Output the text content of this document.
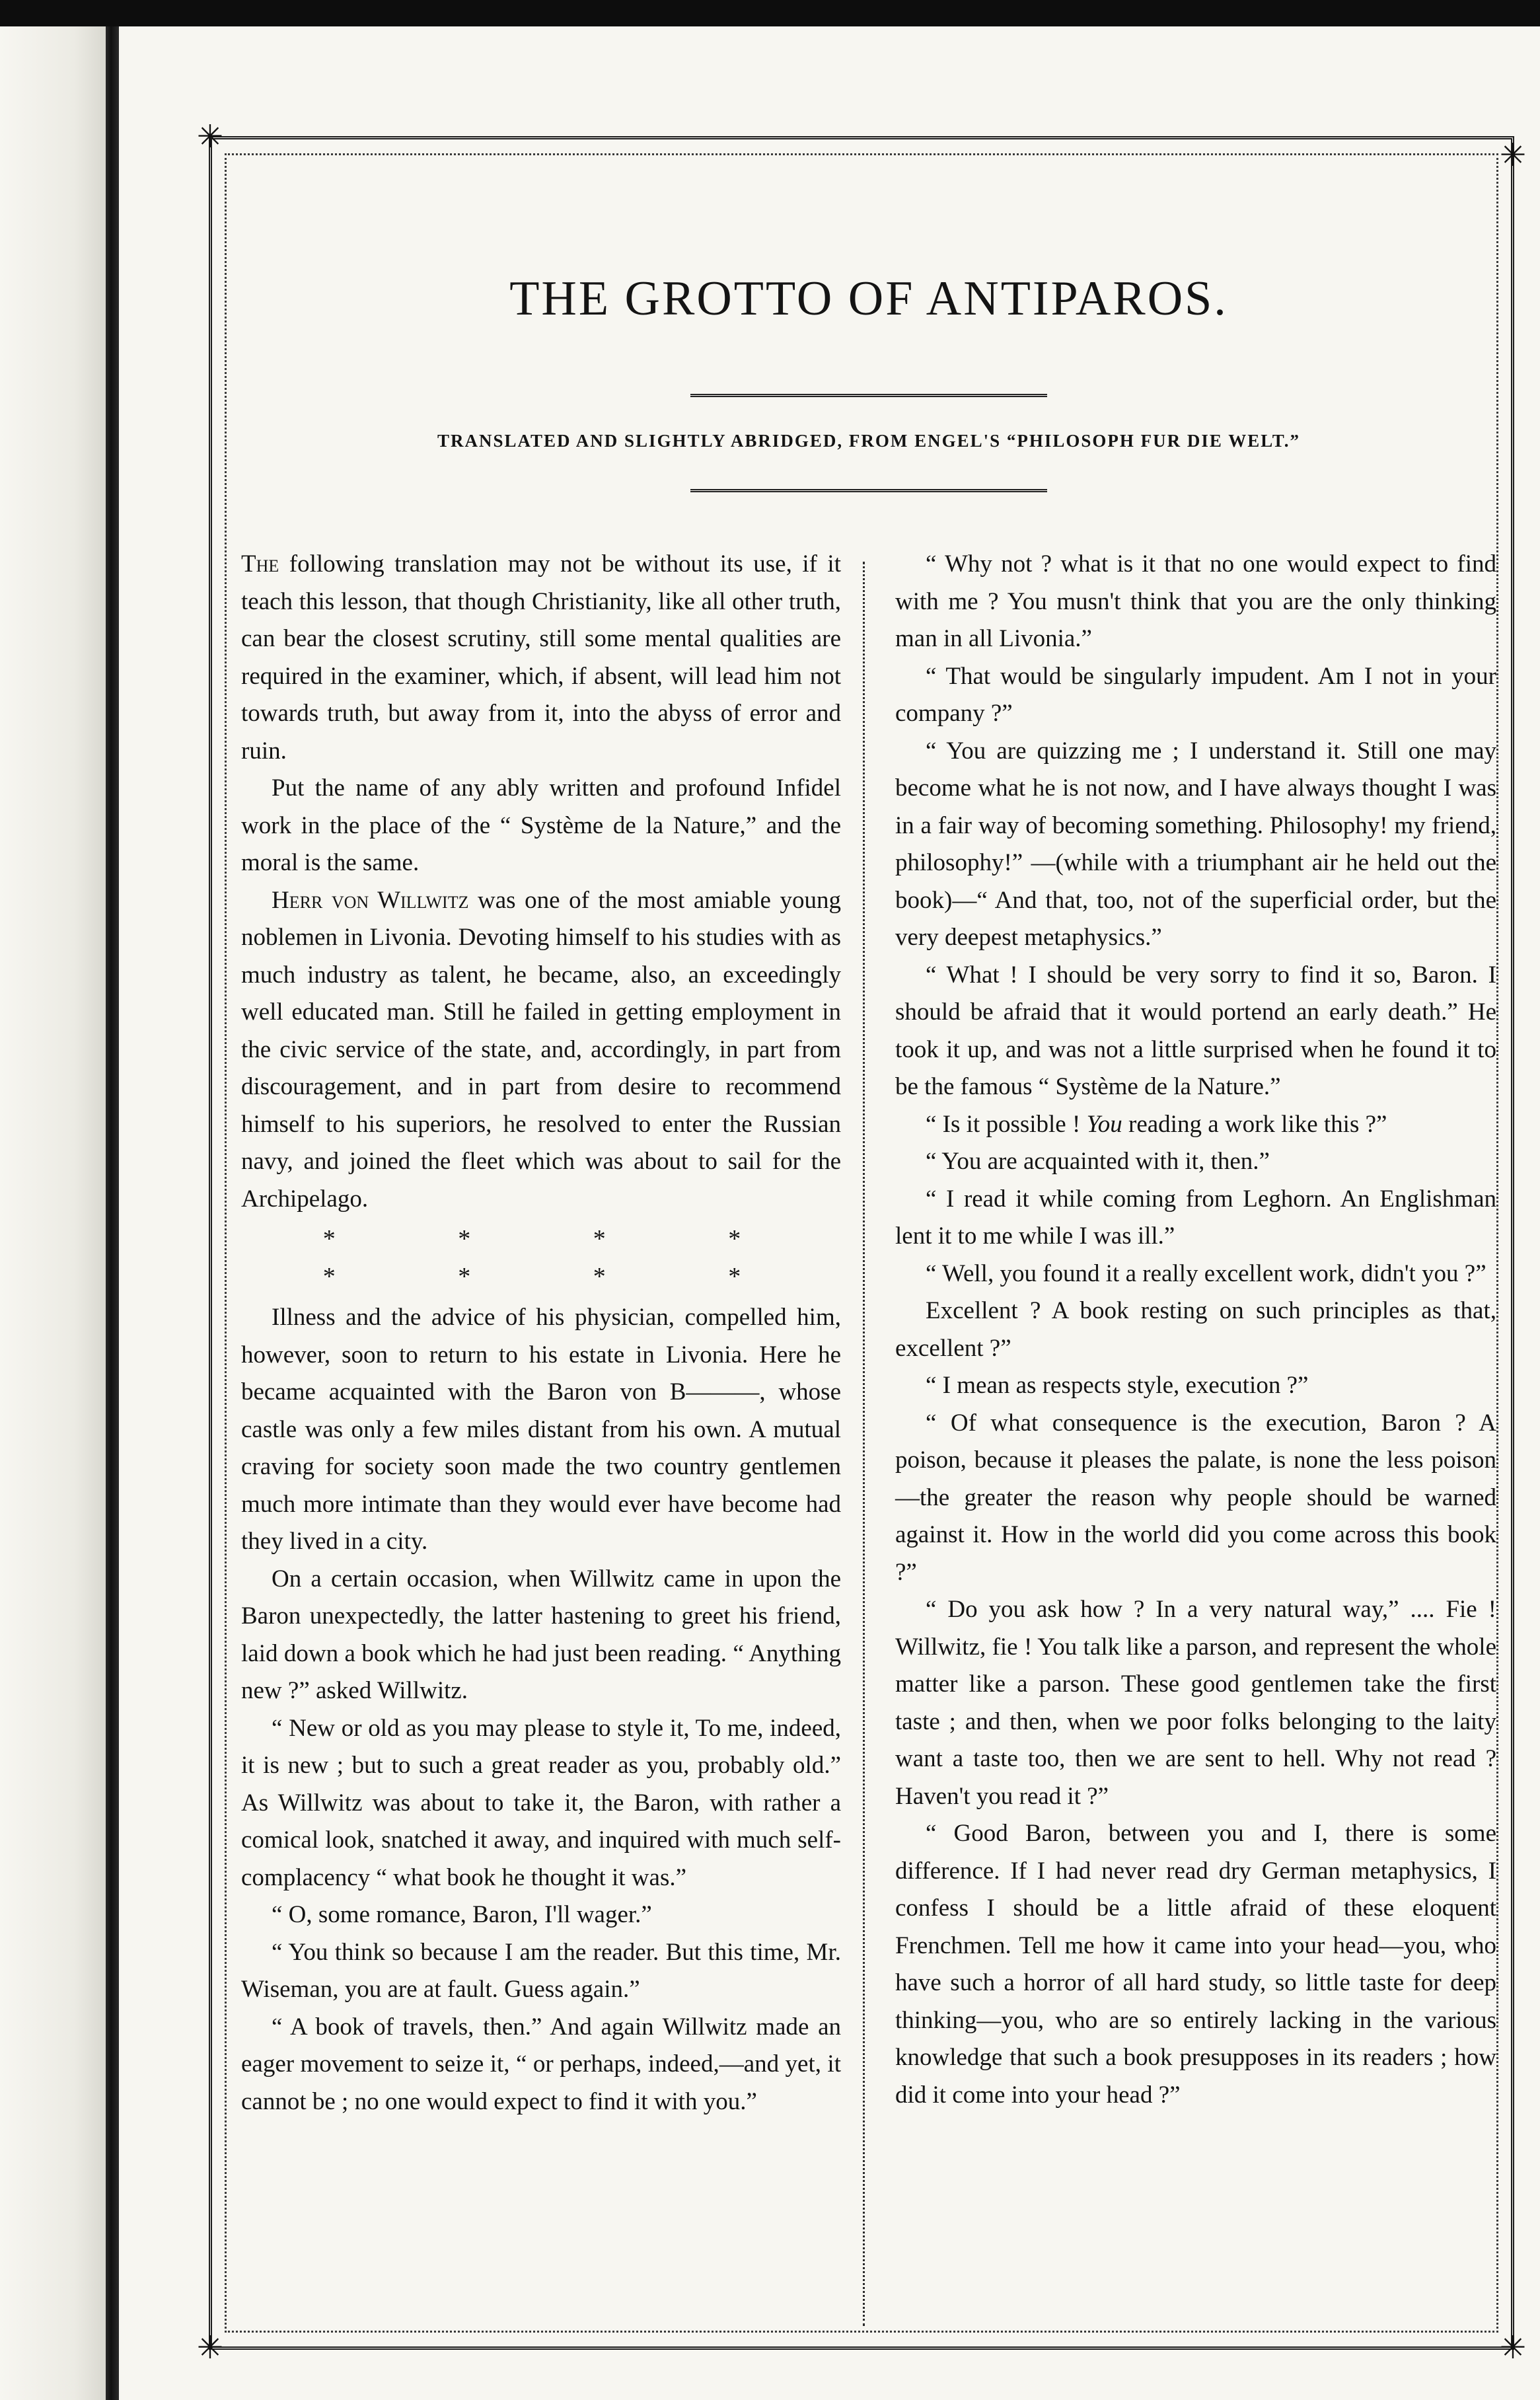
✳
✳
✳	✳
THE GROTTO OF ANTIPAROS.
TRANSLATED AND SLIGHTLY ABRIDGED, FROM ENGEL'S “PHILOSOPH FUR DIE WELT.”

The following translation may not be without its use, if it teach this lesson, that though Christianity, like all other truth, can bear the closest scrutiny, still some mental qualities are required in the examiner, which, if absent, will lead him not towards truth, but away from it, into the abyss of error and ruin.

Put the name of any ably written and profound Infidel work in the place of the “ Système de la Nature,” and the moral is the same.

Herr von Willwitz was one of the most amiable young noblemen in Livonia. Devoting himself to his studies with as much industry as talent, he became, also, an exceedingly well educated man. Still he failed in getting employment in the civic service of the state, and, accordingly, in part from discouragement, and in part from desire to recommend himself to his superiors, he resolved to enter the Russian navy, and joined the fleet which was about to sail for the Archipelago.

* * * * * * * *

Illness and the advice of his physician, compelled him, however, soon to return to his estate in Livonia. Here he became acquainted with the Baron von B———, whose castle was only a few miles distant from his own. A mutual craving for society soon made the two country gentlemen much more intimate than they would ever have become had they lived in a city.

On a certain occasion, when Willwitz came in upon the Baron unexpectedly, the latter hastening to greet his friend, laid down a book which he had just been reading. “ Anything new ?” asked Willwitz.

“ New or old as you may please to style it, To me, indeed, it is new ; but to such a great reader as you, probably old.” As Willwitz was about to take it, the Baron, with rather a comical look, snatched it away, and inquired with much self-complacency “ what book he thought it was.”

“ O, some romance, Baron, I'll wager.”

“ You think so because I am the reader. But this time, Mr. Wiseman, you are at fault. Guess again.”

“ A book of travels, then.” And again Willwitz made an eager movement to seize it, “ or perhaps, indeed,—and yet, it cannot be ; no one would expect to find it with you.”

“ Why not ? what is it that no one would expect to find with me ? You musn't think that you are the only thinking man in all Livonia.”

“ That would be singularly impudent. Am I not in your company ?”

“ You are quizzing me ; I understand it. Still one may become what he is not now, and I have always thought I was in a fair way of becoming something. Philosophy! my friend, philosophy!” —(while with a triumphant air he held out the book)—“ And that, too, not of the superficial order, but the very deepest metaphysics.”

“ What ! I should be very sorry to find it so, Baron. I should be afraid that it would portend an early death.” He took it up, and was not a little surprised when he found it to be the famous “ Système de la Nature.”

“ Is it possible ! You reading a work like this ?”

“ You are acquainted with it, then.”

“ I read it while coming from Leghorn. An Englishman lent it to me while I was ill.”

“ Well, you found it a really excellent work, didn't you ?”

Excellent ? A book resting on such principles as that, excellent ?”

“ I mean as respects style, execution ?”

“ Of what consequence is the execution, Baron ? A poison, because it pleases the palate, is none the less poison—the greater the reason why people should be warned against it. How in the world did you come across this book ?”

“ Do you ask how ? In a very natural way,” .... Fie ! Willwitz, fie ! You talk like a parson, and represent the whole matter like a parson. These good gentlemen take the first taste ; and then, when we poor folks belonging to the laity want a taste too, then we are sent to hell. Why not read ? Haven't you read it ?”

“ Good Baron, between you and I, there is some difference. If I had never read dry German metaphysics, I confess I should be a little afraid of these eloquent Frenchmen. Tell me how it came into your head—you, who have such a horror of all hard study, so little taste for deep thinking—you, who are so entirely lacking in the various knowledge that such a book presupposes in its readers ; how did it come into your head ?”
